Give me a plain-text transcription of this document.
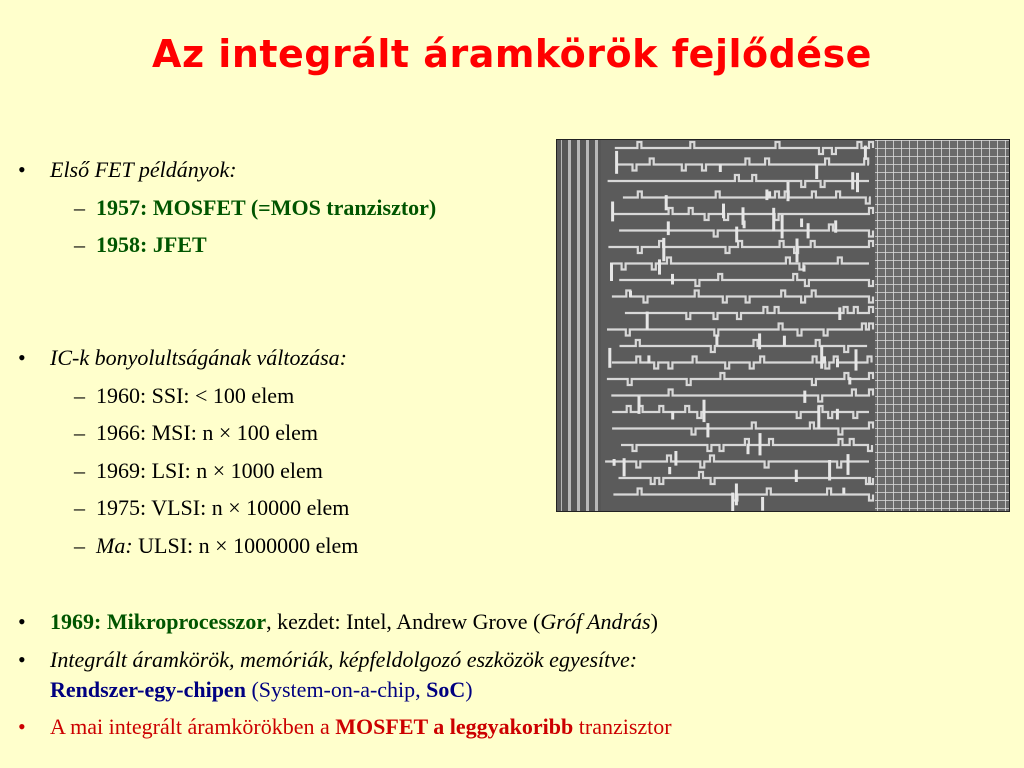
Az integrált áramkörök fejlődése
•	Első FET példányok:
– 1957: MOSFET (=MOS tranzisztor)
– 1958: JFET
•	IC-k bonyolultságának változása:
– 1960: SSI: < 100 elem
– 1966: MSI: n × 100 elem
– 1969: LSI: n × 1000 elem
– 1975: VLSI: n × 10000 elem
– Ma: ULSI: n × 1000000 elem
•	1969: Mikroprocesszor, kezdet: Intel, Andrew Grove (Gróf András)
•	Integrált áramkörök, memóriák, képfeldolgozó eszközök egyesítve:
Rendszer-egy-chipen (System-on-a-chip, SoC)
•	A mai integrált áramkörökben a MOSFET a leggyakoribb tranzisztor
